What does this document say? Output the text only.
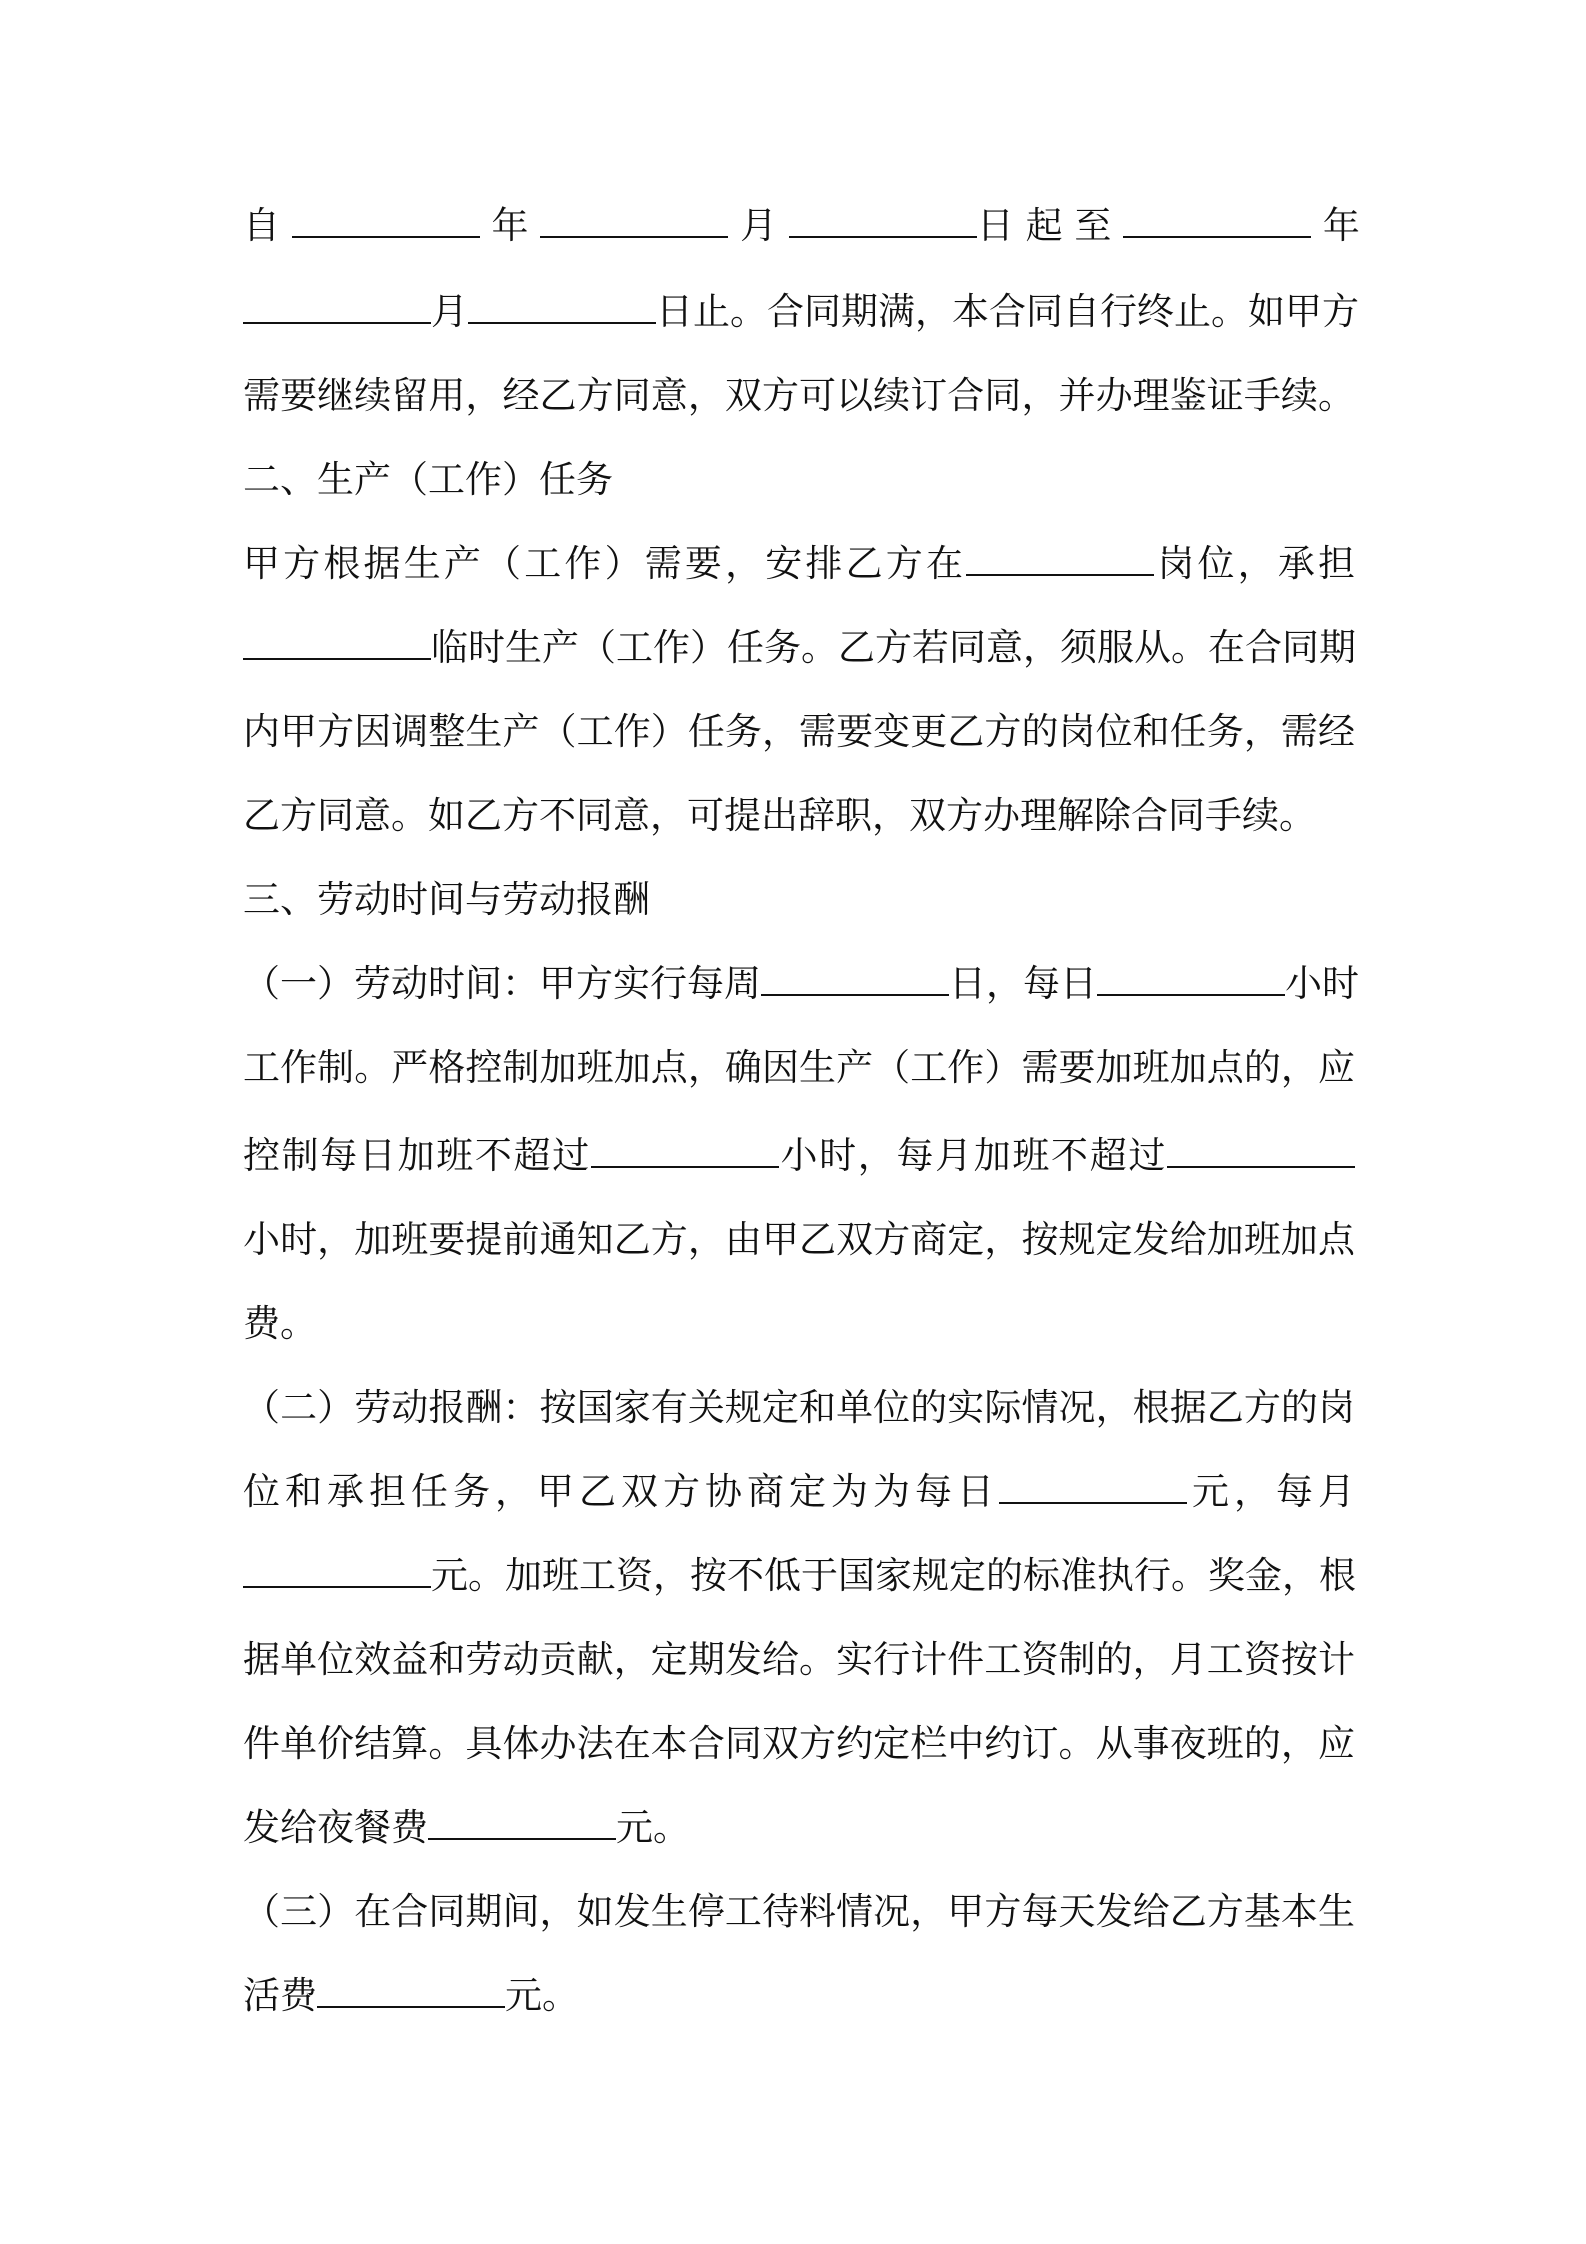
自	年	月	日 起 至	年
月	日止。合同期满，本合同自行终止。如甲方
需要继续留用，经乙方同意，双方可以续订合同，并办理鉴证手续。
二、生产（工作）任务
甲方根据生产（工作）需要，安排乙方在	岗位，承担
临时生产（工作）任务。乙方若同意，须服从。在合同期
内甲方因调整生产（工作）任务，需要变更乙方的岗位和任务，需经
乙方同意。如乙方不同意，可提出辞职，双方办理解除合同手续。
三、劳动时间与劳动报酬
（一）劳动时间：甲方实行每周	日，每日	小时
工作制。严格控制加班加点，确因生产（工作）需要加班加点的，应
控制每日加班不超过	小时，每月加班不超过
小时，加班要提前通知乙方，由甲乙双方商定，按规定发给加班加点
费。
（二）劳动报酬：按国家有关规定和单位的实际情况，根据乙方的岗
位和承担任务，甲乙双方协商定为为每日	元，每月
元。加班工资，按不低于国家规定的标准执行。奖金，根
据单位效益和劳动贡献，定期发给。实行计件工资制的，月工资按计
件单价结算。具体办法在本合同双方约定栏中约订。从事夜班的，应
发给夜餐费	元。
（三）在合同期间，如发生停工待料情况，甲方每天发给乙方基本生
活费	元。
